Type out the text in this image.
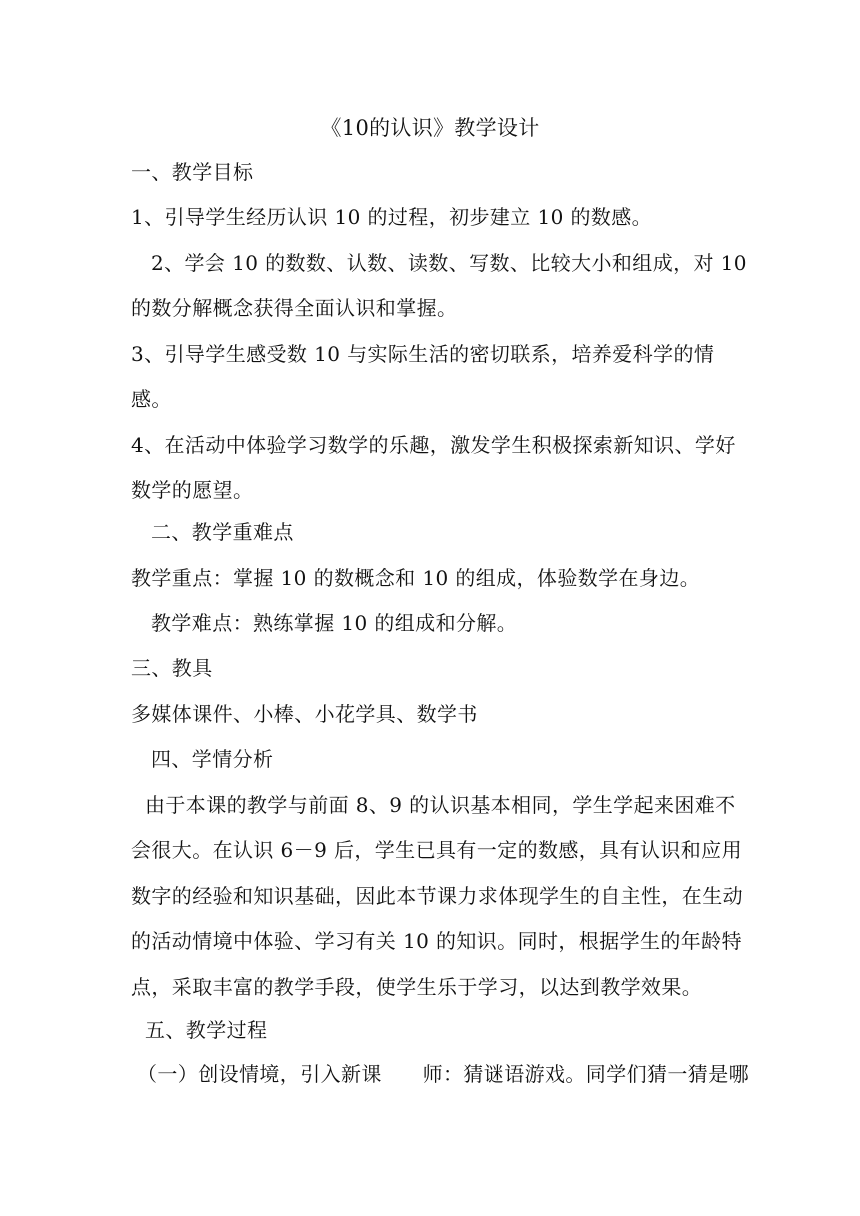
《10的认识》教学设计
一、教学目标
1、引导学生经历认识 10 的过程，初步建立 10 的数感。
2、学会 10 的数数、认数、读数、写数、比较大小和组成，对 10
的数分解概念获得全面认识和掌握。
3、引导学生感受数 10 与实际生活的密切联系，培养爱科学的情
感。
4、在活动中体验学习数学的乐趣，激发学生积极探索新知识、学好
数学的愿望。
二、教学重难点
教学重点：掌握 10 的数概念和 10 的组成，体验数学在身边。
教学难点：熟练掌握 10 的组成和分解。
三、教具
多媒体课件、小棒、小花学具、数学书
四、学情分析
由于本课的教学与前面 8、9 的认识基本相同，学生学起来困难不
会很大。在认识 6－9 后，学生已具有一定的数感，具有认识和应用
数字的经验和知识基础，因此本节课力求体现学生的自主性，在生动
的活动情境中体验、学习有关 10 的知识。同时，根据学生的年龄特
点，采取丰富的教学手段，使学生乐于学习，以达到教学效果。
五、教学过程
（一）创设情境，引入新课　　师：猜谜语游戏。同学们猜一猜是哪
